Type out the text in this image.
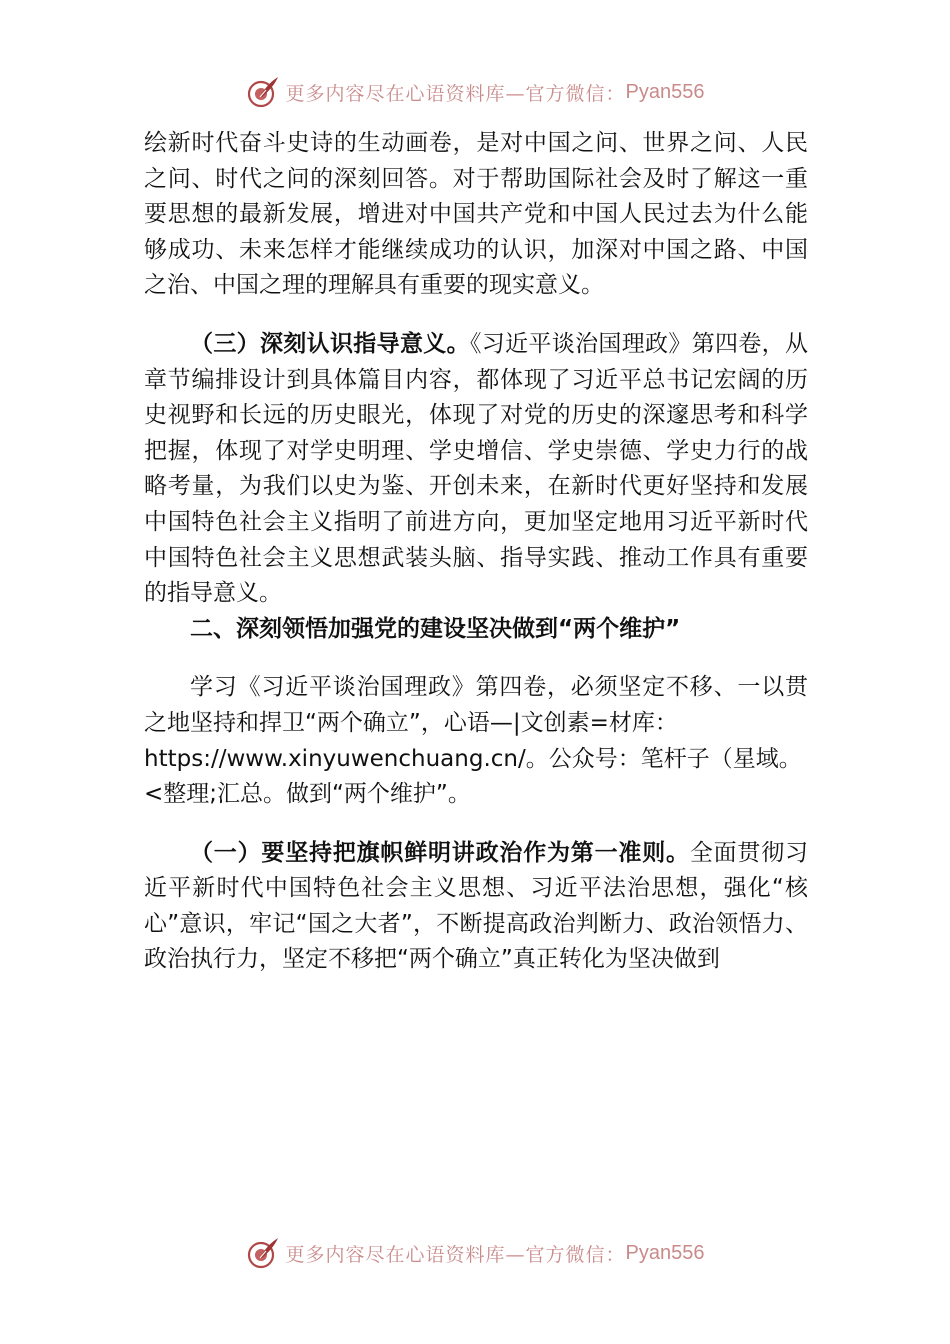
更多内容尽在心语资料库—官方微信： Pyan556

绘新时代奋斗史诗的生动画卷，是对中国之问、世界之问、人民之问、时代之问的深刻回答。对于帮助国际社会及时了解这一重要思想的最新发展，增进对中国共产党和中国人民过去为什么能够成功、未来怎样才能继续成功的认识，加深对中国之路、中国之治、中国之理的理解具有重要的现实意义。

（三）深刻认识指导意义。《习近平谈治国理政》第四卷，从章节编排设计到具体篇目内容，都体现了习近平总书记宏阔的历史视野和长远的历史眼光，体现了对党的历史的深邃思考和科学把握，体现了对学史明理、学史增信、学史崇德、学史力行的战略考量，为我们以史为鉴、开创未来，在新时代更好坚持和发展中国特色社会主义指明了前进方向，更加坚定地用习近平新时代中国特色社会主义思想武装头脑、指导实践、推动工作具有重要的指导意义。

二、深刻领悟加强党的建设坚决做到“两个维护”

学习《习近平谈治国理政》第四卷，必须坚定不移、一以贯之地坚持和捍卫“两个确立”，心语—|文创素=材库：
https://www.xinyuwenchuang.cn/。公众号：笔杆子（星域。
<整理;汇总。做到“两个维护”。

（一）要坚持把旗帜鲜明讲政治作为第一准则。全面贯彻习近平新时代中国特色社会主义思想、习近平法治思想，强化“核心”意识，牢记“国之大者”，不断提高政治判断力、政治领悟力、政治执行力，坚定不移把“两个确立”真正转化为坚决做到

更多内容尽在心语资料库—官方微信： Pyan556
